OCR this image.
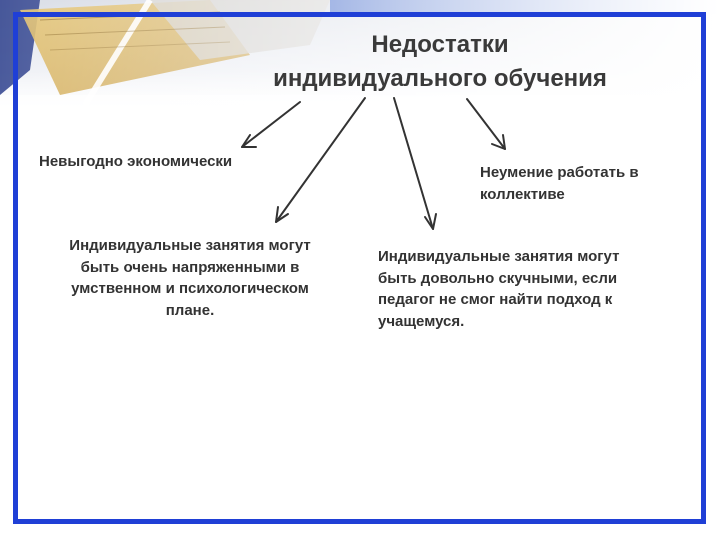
Недостатки
индивидуального обучения
Невыгодно экономически
Неумение работать в коллективе
Индивидуальные занятия могут быть очень напряженными в умственном и психологическом плане.
Индивидуальные занятия могут быть довольно скучными, если педагог не смог найти подход к учащемуся.
